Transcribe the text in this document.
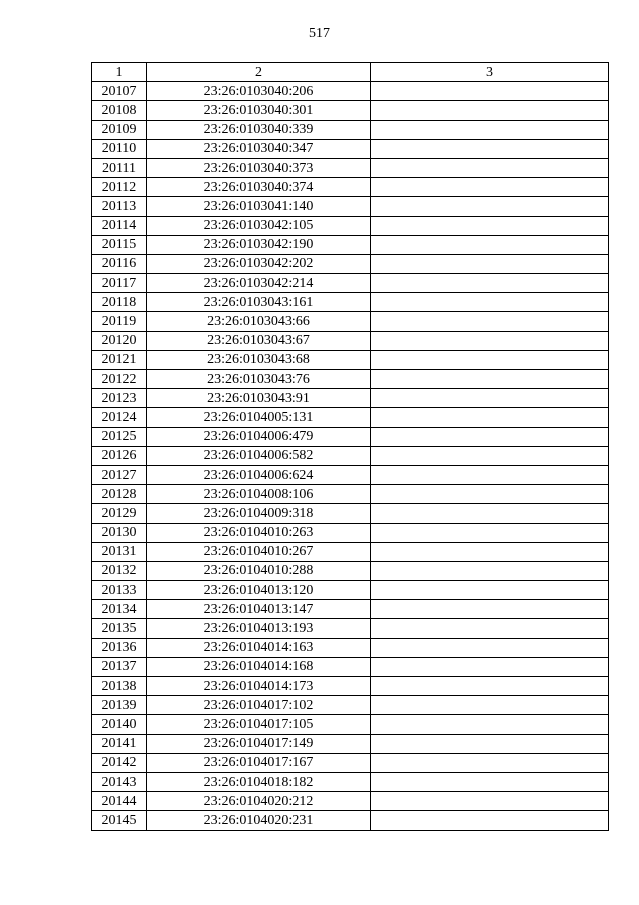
517
1	2	3
20107	23:26:0103040:206	
20108	23:26:0103040:301	
20109	23:26:0103040:339	
20110	23:26:0103040:347	
20111	23:26:0103040:373	
20112	23:26:0103040:374	
20113	23:26:0103041:140	
20114	23:26:0103042:105	
20115	23:26:0103042:190	
20116	23:26:0103042:202	
20117	23:26:0103042:214	
20118	23:26:0103043:161	
20119	23:26:0103043:66	
20120	23:26:0103043:67	
20121	23:26:0103043:68	
20122	23:26:0103043:76	
20123	23:26:0103043:91	
20124	23:26:0104005:131	
20125	23:26:0104006:479	
20126	23:26:0104006:582	
20127	23:26:0104006:624	
20128	23:26:0104008:106	
20129	23:26:0104009:318	
20130	23:26:0104010:263	
20131	23:26:0104010:267	
20132	23:26:0104010:288	
20133	23:26:0104013:120	
20134	23:26:0104013:147	
20135	23:26:0104013:193	
20136	23:26:0104014:163	
20137	23:26:0104014:168	
20138	23:26:0104014:173	
20139	23:26:0104017:102	
20140	23:26:0104017:105	
20141	23:26:0104017:149	
20142	23:26:0104017:167	
20143	23:26:0104018:182	
20144	23:26:0104020:212	
20145	23:26:0104020:231	
